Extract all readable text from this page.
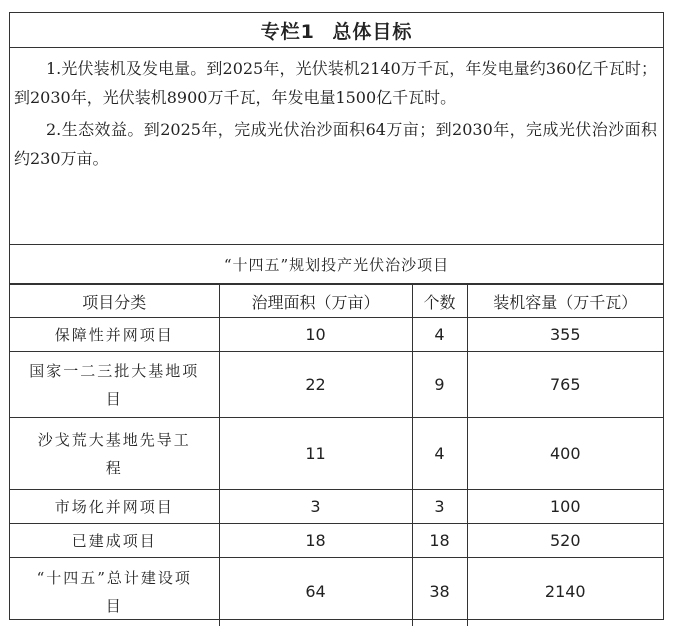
专栏1 总体目标

1.光伏装机及发电量。到2025年，光伏装机2140万千瓦，年发电量约360亿千瓦时；到2030年，光伏装机8900万千瓦，年发电量1500亿千瓦时。

2.生态效益。到2025年，完成光伏治沙面积64万亩；到2030年，完成光伏治沙面积约230万亩。

“十四五”规划投产光伏治沙项目
项目分类	治理面积（万亩）	个数	装机容量（万千瓦）
保障性并网项目	10	4	355
国家一二三批大基地项　目	22	9	765
沙戈荒大基地先导工　程	11	4	400
市场化并网项目	3	3	100
已建成项目	18	18	520
“十四五”总计建设项　目	64	38	2140
